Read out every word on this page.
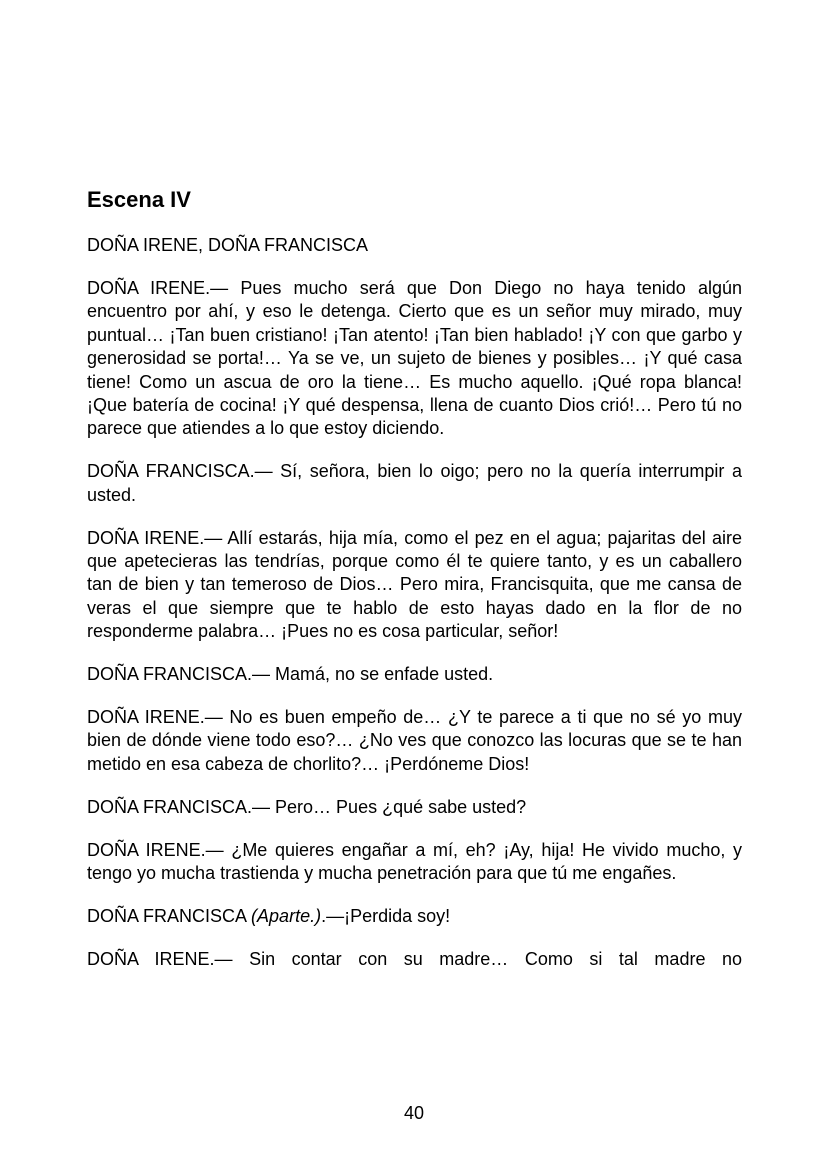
Escena IV

DOÑA IRENE, DOÑA FRANCISCA

DOÑA IRENE.— Pues mucho será que Don Diego no haya tenido algún encuentro por ahí, y eso le detenga. Cierto que es un señor muy mirado, muy puntual… ¡Tan buen cristiano! ¡Tan atento! ¡Tan bien hablado! ¡Y con que garbo y generosidad se porta!… Ya se ve, un sujeto de bienes y posibles… ¡Y qué casa tiene! Como un ascua de oro la tiene… Es mucho aquello. ¡Qué ropa blanca! ¡Que batería de cocina! ¡Y qué despensa, llena de cuanto Dios crió!… Pero tú no parece que atiendes a lo que estoy diciendo.

DOÑA FRANCISCA.— Sí, señora, bien lo oigo; pero no la quería interrumpir a usted.

DOÑA IRENE.— Allí estarás, hija mía, como el pez en el agua; pajaritas del aire que apetecieras las tendrías, porque como él te quiere tanto, y es un caballero tan de bien y tan temeroso de Dios… Pero mira, Francisquita, que me cansa de veras el que siempre que te hablo de esto hayas dado en la flor de no responderme palabra… ¡Pues no es cosa particular, señor!

DOÑA FRANCISCA.— Mamá, no se enfade usted.

DOÑA IRENE.— No es buen empeño de… ¿Y te parece a ti que no sé yo muy bien de dónde viene todo eso?… ¿No ves que conozco las locuras que se te han metido en esa cabeza de chorlito?… ¡Perdóneme Dios!

DOÑA FRANCISCA.— Pero… Pues ¿qué sabe usted?

DOÑA IRENE.— ¿Me quieres engañar a mí, eh? ¡Ay, hija! He vivido mucho, y tengo yo mucha trastienda y mucha penetración para que tú me engañes.

DOÑA FRANCISCA (Aparte.).—¡Perdida soy!

DOÑA IRENE.— Sin contar con su madre… Como si tal madre no

40
